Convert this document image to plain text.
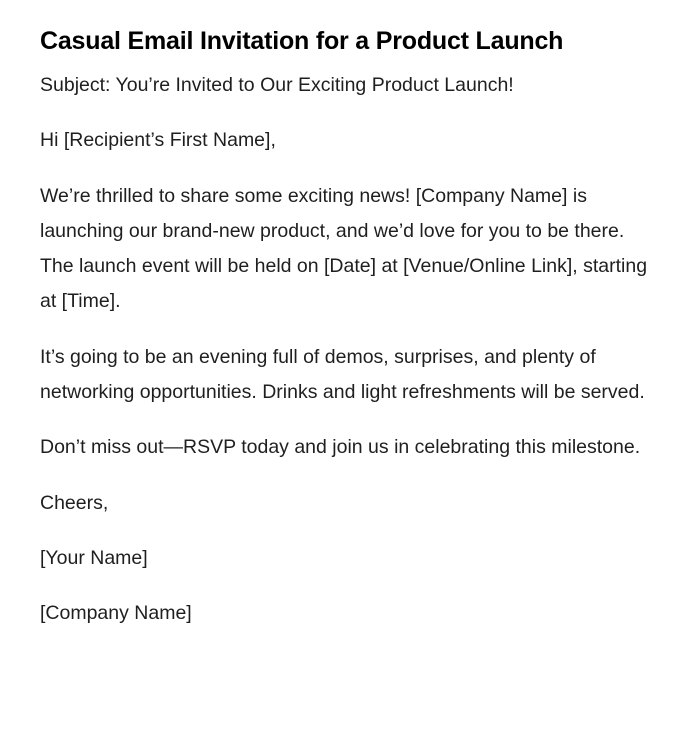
Casual Email Invitation for a Product Launch

Subject: You’re Invited to Our Exciting Product Launch!

Hi [Recipient’s First Name],

We’re thrilled to share some exciting news! [Company Name] is launching our brand-new product, and we’d love for you to be there. The launch event will be held on [Date] at [Venue/Online Link], starting at [Time].

It’s going to be an evening full of demos, surprises, and plenty of networking opportunities. Drinks and light refreshments will be served.

Don’t miss out—RSVP today and join us in celebrating this milestone.

Cheers,

[Your Name]

[Company Name]
